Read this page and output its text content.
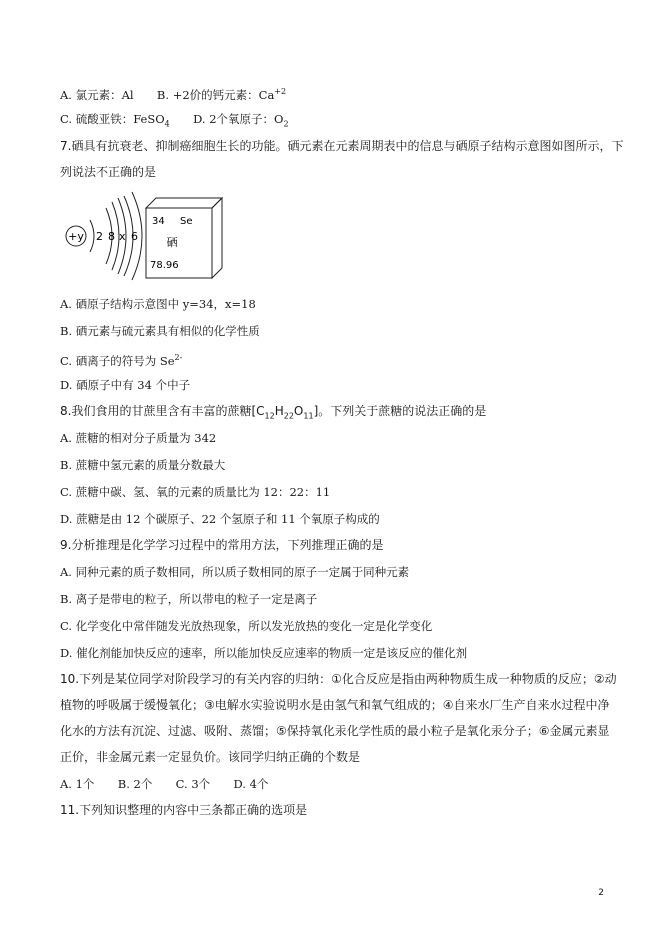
A. 氯元素：Al B. +2价的钙元素：$Ca^{+2}$
C. 硫酸亚铁：FeSO$_4$ D. 2个氧原子：$O_2$
7.硒具有抗衰老、抑制癌细胞生长的功能。硒元素在元素周期表中的信息与硒原子结构示意图如图所示，下
列说法不正确的是
+y 2 8 x 6
34 Se
硒
78.96
A. 硒原子结构示意图中 y=34，x=18
B. 硒元素与硫元素具有相似的化学性质
C. 硒离子的符号为 $Se^{2-}$
D. 硒原子中有 34 个中子
8.我们食用的甘蔗里含有丰富的蔗糖$[C_{12}H_{22}O_{11}]$。下列关于蔗糖的说法正确的是
A. 蔗糖的相对分子质量为 342
B. 蔗糖中氢元素的质量分数最大
C. 蔗糖中碳、氢、氧的元素的质量比为 12：22：11
D. 蔗糖是由 12 个碳原子、22 个氢原子和 11 个氧原子构成的
9.分析推理是化学学习过程中的常用方法，下列推理正确的是
A. 同种元素的质子数相同，所以质子数相同的原子一定属于同种元素
B. 离子是带电的粒子，所以带电的粒子一定是离子
C. 化学变化中常伴随发光放热现象，所以发光放热的变化一定是化学变化
D. 催化剂能加快反应的速率，所以能加快反应速率的物质一定是该反应的催化剂
10.下列是某位同学对阶段学习的有关内容的归纳：①化合反应是指由两种物质生成一种物质的反应；②动
植物的呼吸属于缓慢氧化；③电解水实验说明水是由氢气和氧气组成的；④自来水厂生产自来水过程中净
化水的方法有沉淀、过滤、吸附、蒸馏；⑤保持氧化汞化学性质的最小粒子是氧化汞分子；⑥金属元素显
正价，非金属元素一定显负价。该同学归纳正确的个数是
A. 1个 B. 2个 C. 3个 D. 4个
11.下列知识整理的内容中三条都正确的选项是
2
